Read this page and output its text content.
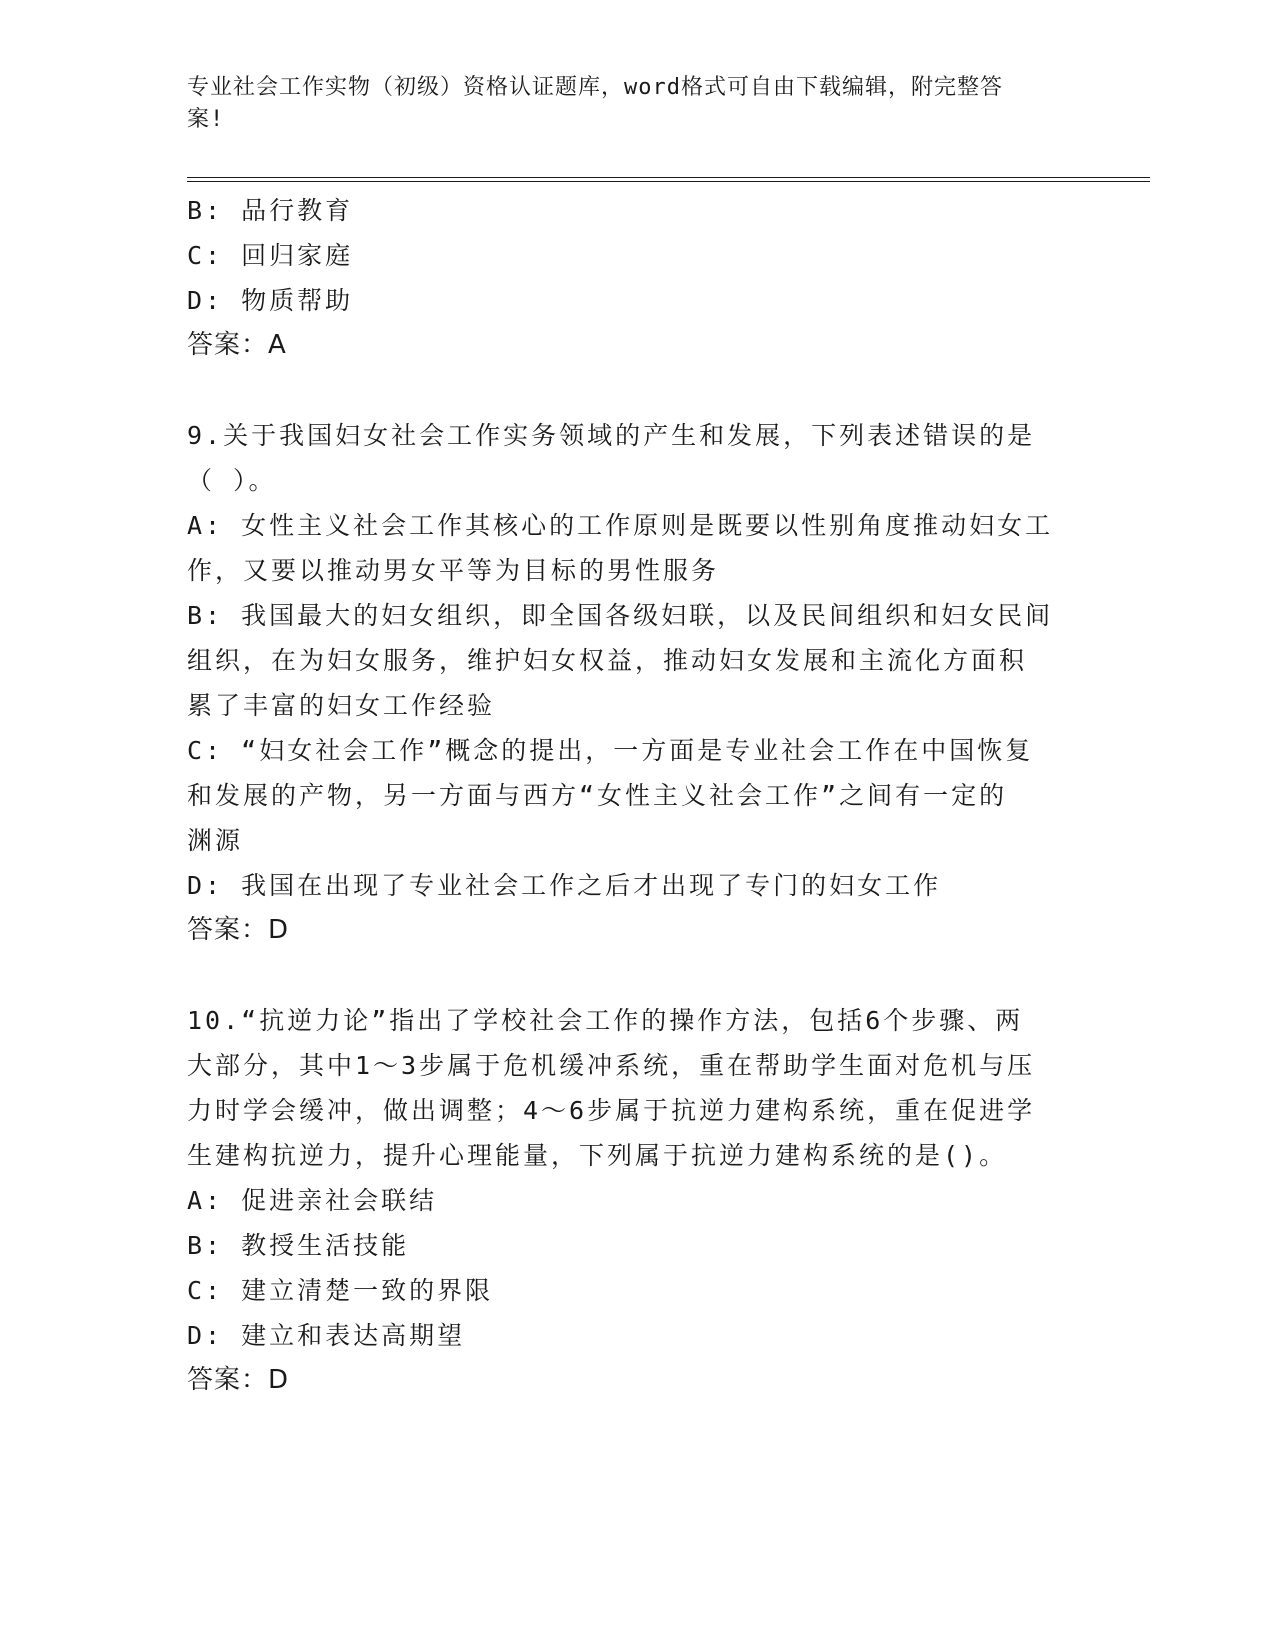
专业社会工作实物（初级）资格认证题库，word格式可自由下载编辑，附完整答
案!

B: 品行教育

C: 回归家庭

D: 物质帮助

答案：A

9.关于我国妇女社会工作实务领域的产生和发展，下列表述错误的是

（ ）。

A: 女性主义社会工作其核心的工作原则是既要以性别角度推动妇女工

作，又要以推动男女平等为目标的男性服务

B: 我国最大的妇女组织，即全国各级妇联，以及民间组织和妇女民间

组织，在为妇女服务，维护妇女权益，推动妇女发展和主流化方面积

累了丰富的妇女工作经验

C: “妇女社会工作”概念的提出，一方面是专业社会工作在中国恢复

和发展的产物，另一方面与西方“女性主义社会工作”之间有一定的

渊源

D: 我国在出现了专业社会工作之后才出现了专门的妇女工作

答案：D

10.“抗逆力论”指出了学校社会工作的操作方法，包括6个步骤、两

大部分，其中1～3步属于危机缓冲系统，重在帮助学生面对危机与压

力时学会缓冲，做出调整；4～6步属于抗逆力建构系统，重在促进学

生建构抗逆力，提升心理能量，下列属于抗逆力建构系统的是()。

A: 促进亲社会联结

B: 教授生活技能

C: 建立清楚一致的界限

D: 建立和表达高期望

答案：D
